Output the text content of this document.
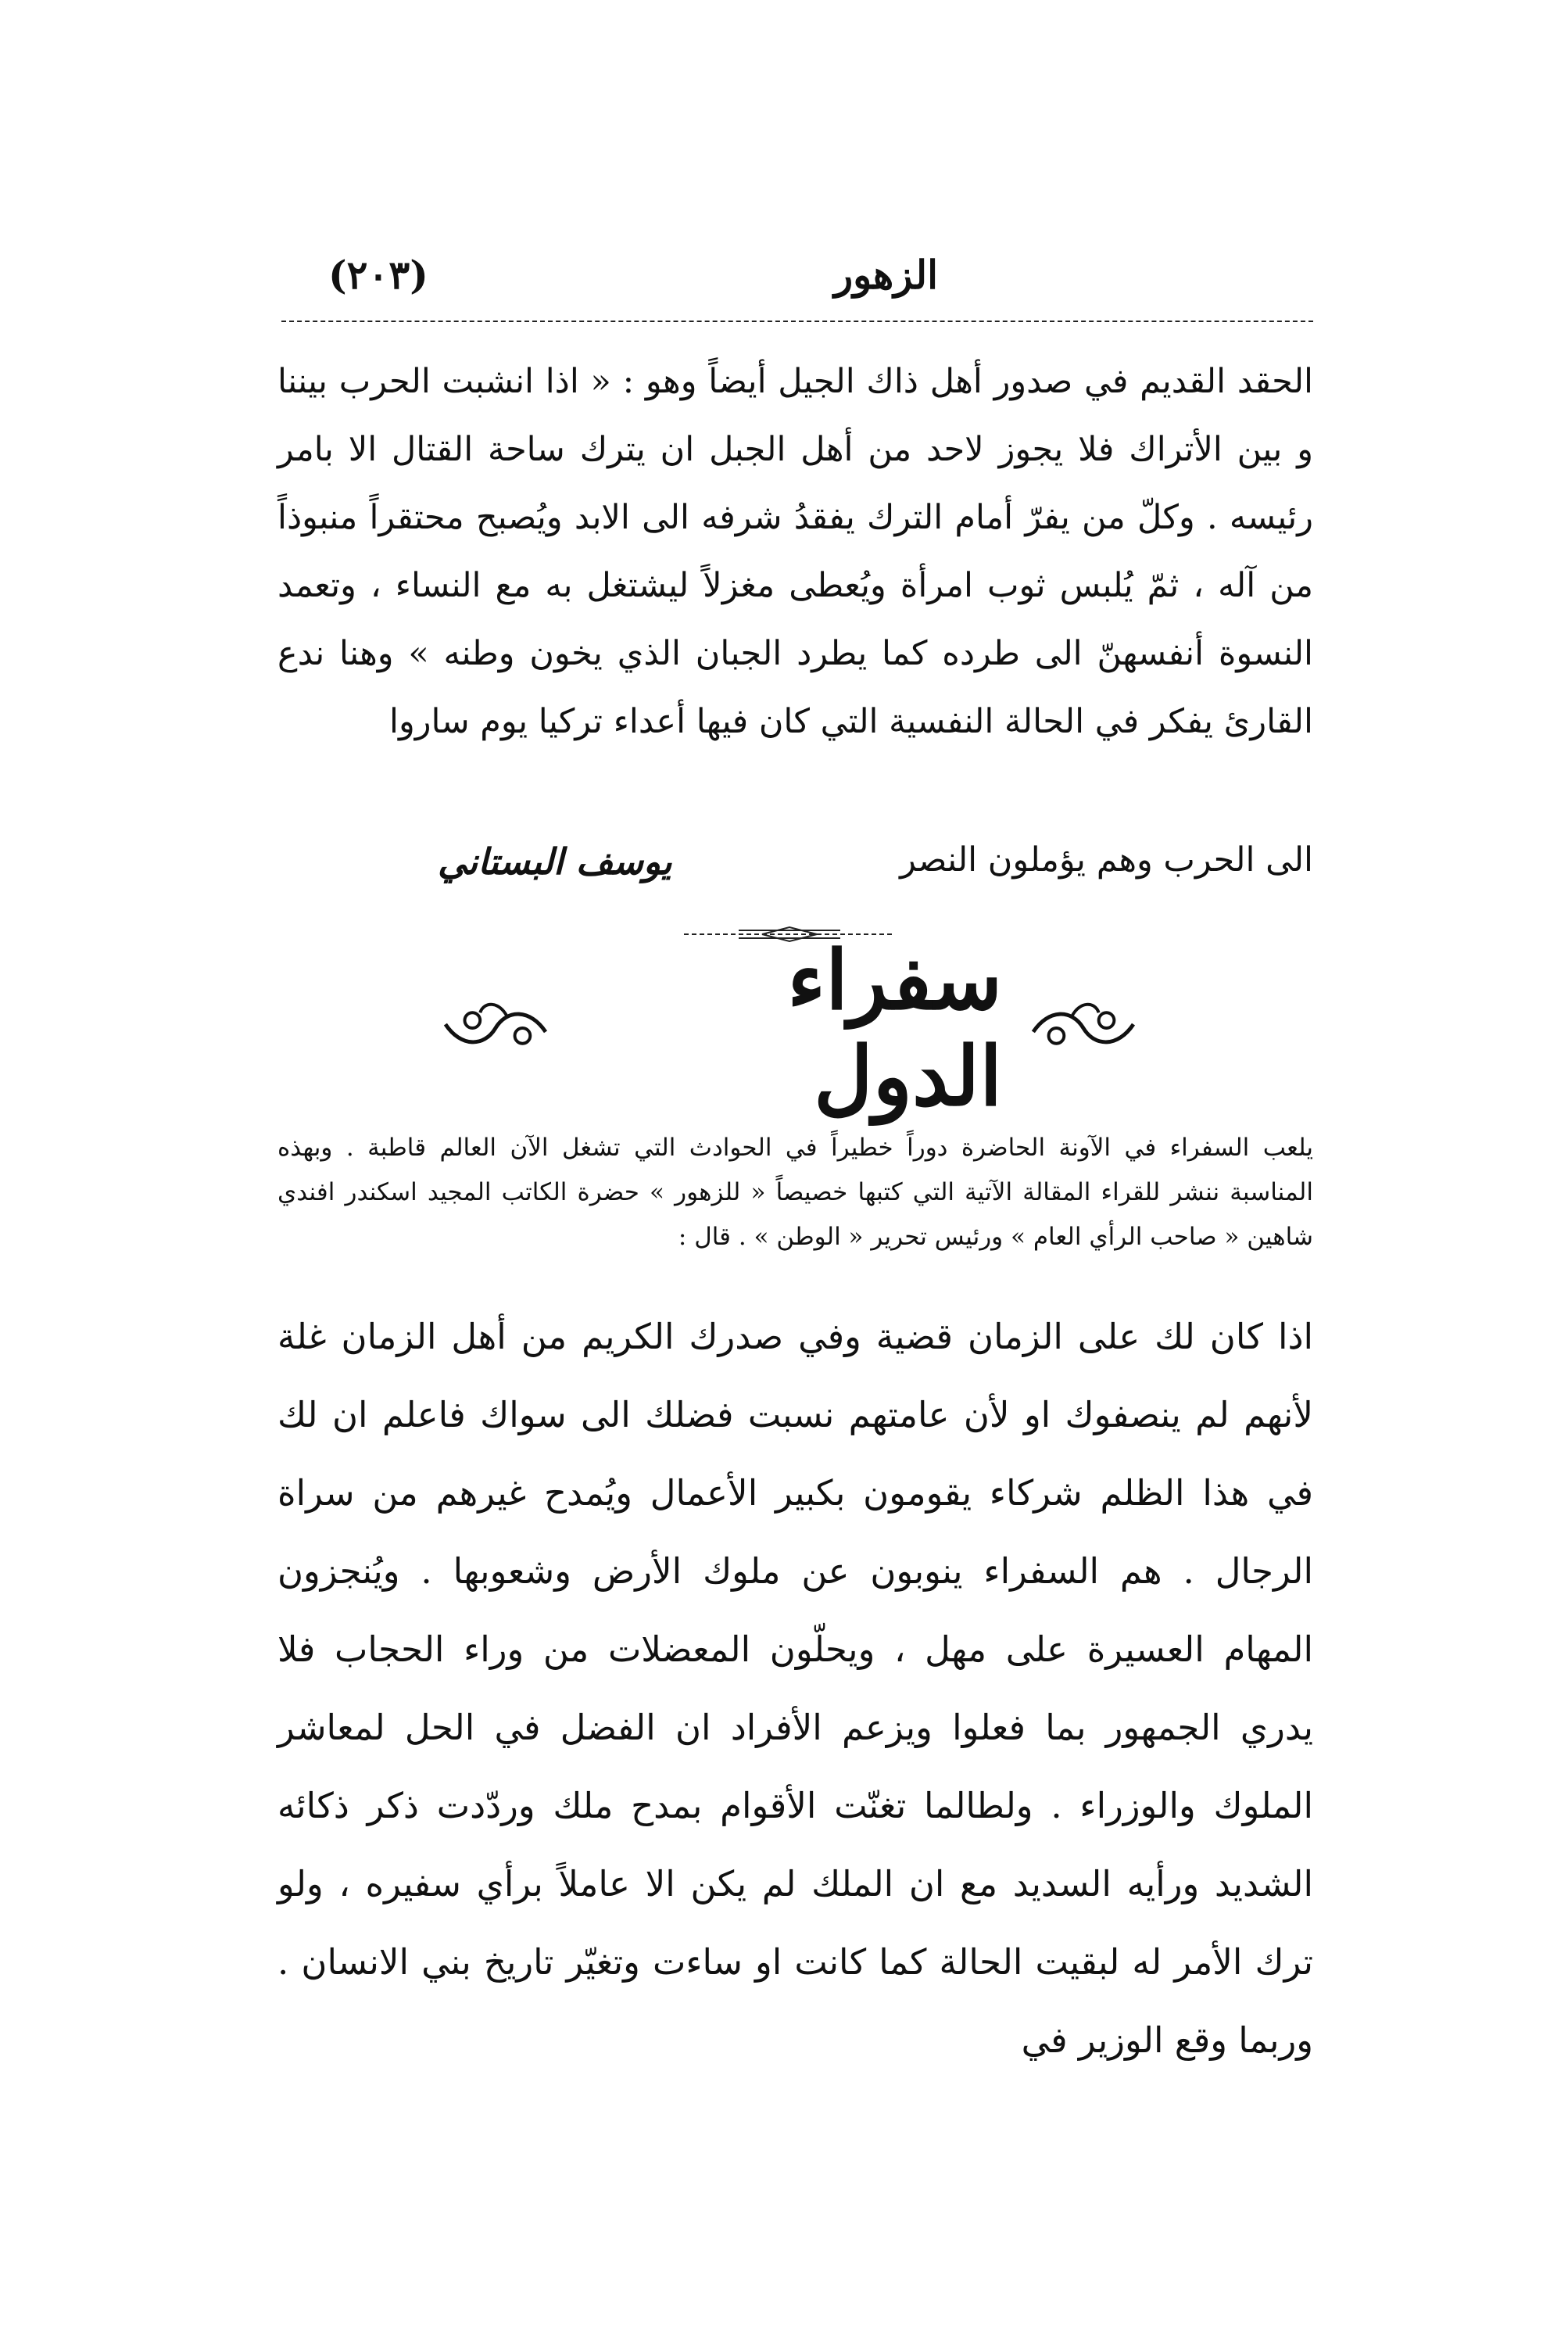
الزهور
(٢٠٣)

الحقد القديم في صدور أهل ذاك الجيل أيضاً وهو : « اذا انشبت الحرب بيننا و بين الأتراك فلا يجوز لاحد من أهل الجبل ان يترك ساحة القتال الا بامر رئيسه . وكلّ من يفرّ أمام الترك يفقدُ شرفه الى الابد ويُصبح محتقراً منبوذاً من آله ، ثمّ يُلبس ثوب امرأة ويُعطى مغزلاً ليشتغل به مع النساء ، وتعمد النسوة أنفسهنّ الى طرده كما يطرد الجبان الذي يخون وطنه » وهنا ندع القارئ يفكر في الحالة النفسية التي كان فيها أعداء تركيا يوم ساروا

الى الحرب وهم يؤملون النصر
يوسف البستاني
سفراء الدول

يلعب السفراء في الآونة الحاضرة دوراً خطيراً في الحوادث التي تشغل الآن العالم قاطبة . وبهذه المناسبة ننشر للقراء المقالة الآتية التي كتبها خصيصاً « للزهور » حضرة الكاتب المجيد اسكندر افندي شاهين « صاحب الرأي العام » ورئيس تحرير « الوطن » . قال :

اذا كان لك على الزمان قضية وفي صدرك الكريم من أهل الزمان غلة لأنهم لم ينصفوك او لأن عامتهم نسبت فضلك الى سواك فاعلم ان لك في هذا الظلم شركاء يقومون بكبير الأعمال ويُمدح غيرهم من سراة الرجال . هم السفراء ينوبون عن ملوك الأرض وشعوبها . ويُنجزون المهام العسيرة على مهل ، ويحلّون المعضلات من وراء الحجاب فلا يدري الجمهور بما فعلوا ويزعم الأفراد ان الفضل في الحل لمعاشر الملوك والوزراء . ولطالما تغنّت الأقوام بمدح ملك وردّدت ذكر ذكائه الشديد ورأيه السديد مع ان الملك لم يكن الا عاملاً برأي سفيره ، ولو ترك الأمر له لبقيت الحالة كما كانت او ساءت وتغيّر تاريخ بني الانسان . وربما وقع الوزير في
